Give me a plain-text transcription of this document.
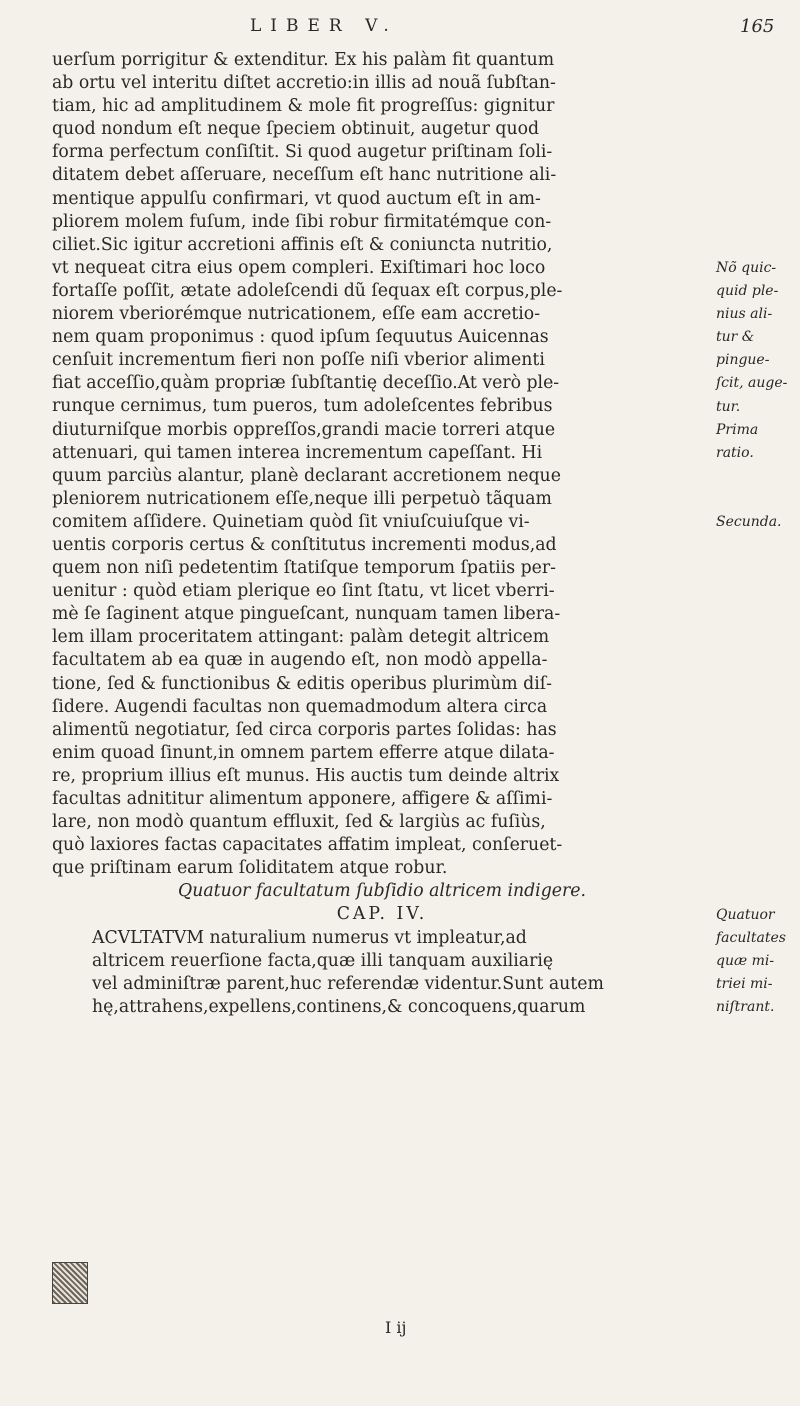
LIBER V.	165
uerſum porrigitur & extenditur. Ex his palàm fit quantum
ab ortu vel interitu diſtet accretio:in illis ad nouã ſubſtan-
tiam, hic ad amplitudinem & mole fit progreſſus: gignitur
quod nondum eſt neque ſpeciem obtinuit, augetur quod
forma perfectum conſiſtit. Si quod augetur priſtinam ſoli-
ditatem debet aſſeruare, neceſſum eſt hanc nutritione ali-
mentique appulſu confirmari, vt quod auctum eſt in am-
pliorem molem fuſum, inde ſibi robur firmitatémque con-
ciliet.Sic igitur accretioni affinis eſt & coniuncta nutritio,
vt nequeat citra eius opem compleri. Exiſtimari hoc loco
fortaſſe poſſit, ætate adoleſcendi dũ ſequax eſt corpus,ple-
niorem vberiorémque nutricationem, eſſe eam accretio-
nem quam proponimus : quod ipſum ſequutus Auicennas
cenſuit incrementum fieri non poſſe niſi vberior alimenti
fiat acceſſio,quàm propriæ ſubſtantię deceſſio.At verò ple-
runque cernimus, tum pueros, tum adoleſcentes febribus
diuturniſque morbis oppreſſos,grandi macie torreri atque
attenuari, qui tamen interea incrementum capeſſant. Hi
quum parciùs alantur, planè declarant accretionem neque
pleniorem nutricationem eſſe,neque illi perpetuò tãquam
comitem aſſidere. Quinetiam quòd ſit vniuſcuiuſque vi-
uentis corporis certus & conſtitutus incrementi modus,ad
quem non niſi pedetentim ſtatiſque temporum ſpatiis per-
uenitur : quòd etiam plerique eo ſint ſtatu, vt licet vberri-
mè ſe ſaginent atque pingueſcant, nunquam tamen libera-
lem illam proceritatem attingant: palàm detegit altricem
facultatem ab ea quæ in augendo eſt, non modò appella-
tione, ſed & functionibus & editis operibus plurimùm diſ-
ſidere. Augendi facultas non quemadmodum altera circa
alimentũ negotiatur, ſed circa corporis partes ſolidas: has
enim quoad ſinunt,in omnem partem efferre atque dilata-
re, proprium illius eſt munus. His auctis tum deinde altrix
facultas adnititur alimentum apponere, affigere & aſſimi-
lare, non modò quantum effluxit, ſed & largiùs ac fuſiùs,
quò laxiores factas capacitates affatim impleat, conſeruet-
que priſtinam earum ſoliditatem atque robur.
Quatuor facultatum ſubſidio altricem indigere.
CAP. IV.
ACVLTATVM naturalium numerus vt impleatur,ad
altricem reuerſione facta,quæ illi tanquam auxiliarię
vel adminiſtræ parent,huc referendæ videntur.Sunt autem
hę,attrahens,expellens,continens,& concoquens,quarum
Nõ quic-
quid ple-
nius ali-
tur &
pingue-
ſcit, auge-
tur.
Prima
ratio.
Secunda.
Quatuor
facultates
quæ mi-
triei mi-
niſtrant.
I ij
